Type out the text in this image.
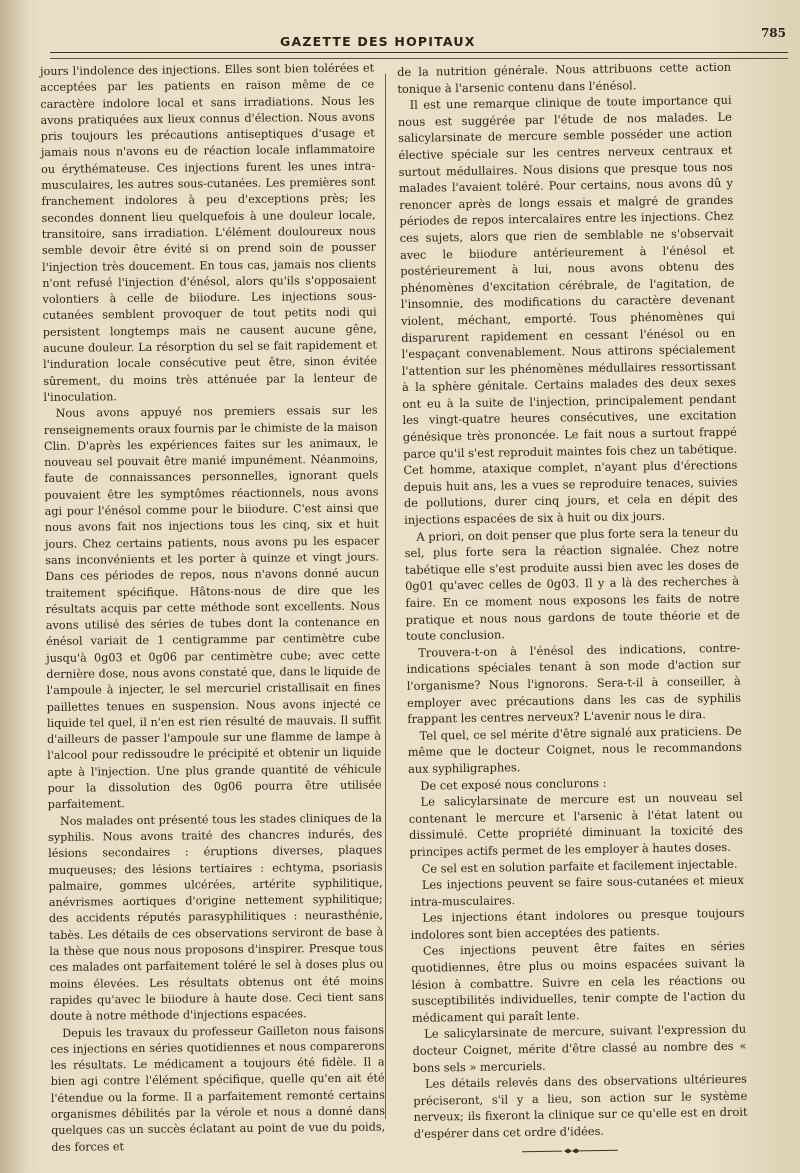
GAZETTE DES HOPITAUX
785

jours l'indolence des injections. Elles sont bien tolérées et acceptées par les patients en raison même de ce caractère indolore local et sans irradiations. Nous les avons pratiquées aux lieux connus d'élection. Nous avons pris toujours les précautions antiseptiques d'usage et jamais nous n'avons eu de réaction locale inflammatoire ou érythémateuse. Ces injections furent les unes intra-musculaires, les autres sous-cutanées. Les premières sont franchement indolores à peu d'exceptions près; les secondes donnent lieu quelquefois à une douleur locale, transitoire, sans irradiation. L'élément douloureux nous semble devoir être évité si on prend soin de pousser l'injection très doucement. En tous cas, jamais nos clients n'ont refusé l'injection d'énésol, alors qu'ils s'opposaient volontiers à celle de biiodure. Les injections sous-cutanées semblent provoquer de tout petits nodi qui persistent longtemps mais ne causent aucune gêne, aucune douleur. La résorption du sel se fait rapidement et l'induration locale consécutive peut être, sinon évitée sûrement, du moins très atténuée par la lenteur de l'inoculation.

Nous avons appuyé nos premiers essais sur les renseignements oraux fournis par le chimiste de la maison Clin. D'après les expériences faites sur les animaux, le nouveau sel pouvait être manié impunément. Néanmoins, faute de connaissances personnelles, ignorant quels pouvaient être les symptômes réactionnels, nous avons agi pour l'énésol comme pour le biiodure. C'est ainsi que nous avons fait nos injections tous les cinq, six et huit jours. Chez certains patients, nous avons pu les espacer sans inconvénients et les porter à quinze et vingt jours. Dans ces périodes de repos, nous n'avons donné aucun traitement spécifique. Hâtons-nous de dire que les résultats acquis par cette méthode sont excellents. Nous avons utilisé des séries de tubes dont la contenance en énésol variait de 1 centigramme par centimètre cube jusqu'à 0g03 et 0g06 par centimètre cube; avec cette dernière dose, nous avons constaté que, dans le liquide de l'ampoule à injecter, le sel mercuriel cristallisait en fines paillettes tenues en suspension. Nous avons injecté ce liquide tel quel, il n'en est rien résulté de mauvais. Il suffit d'ailleurs de passer l'ampoule sur une flamme de lampe à l'alcool pour redissoudre le précipité et obtenir un liquide apte à l'injection. Une plus grande quantité de véhicule pour la dissolution des 0g06 pourra être utilisée parfaitement.

Nos malades ont présenté tous les stades cliniques de la syphilis. Nous avons traité des chancres indurés, des lésions secondaires : éruptions diverses, plaques muqueuses; des lésions tertiaires : echtyma, psoriasis palmaire, gommes ulcérées, artérite syphilitique, anévrismes aortiques d'origine nettement syphilitique; des accidents réputés parasyphilitiques : neurasthénie, tabès. Les détails de ces observations serviront de base à la thèse que nous nous proposons d'inspirer. Presque tous ces malades ont parfaitement toléré le sel à doses plus ou moins élevées. Les résultats obtenus ont été moins rapides qu'avec le biiodure à haute dose. Ceci tient sans doute à notre méthode d'injections espacées.

Depuis les travaux du professeur Gailleton nous faisons ces injections en séries quotidiennes et nous comparerons les résultats. Le médicament a toujours été fidèle. Il a bien agi contre l'élément spécifique, quelle qu'en ait été l'étendue ou la forme. Il a parfaitement remonté certains organismes débilités par la vérole et nous a donné dans quelques cas un succès éclatant au point de vue du poids, des forces et

de la nutrition générale. Nous attribuons cette action tonique à l'arsenic contenu dans l'énésol.

Il est une remarque clinique de toute importance qui nous est suggérée par l'étude de nos malades. Le salicylarsinate de mercure semble posséder une action élective spéciale sur les centres nerveux centraux et surtout médullaires. Nous disions que presque tous nos malades l'avaient toléré. Pour certains, nous avons dû y renoncer après de longs essais et malgré de grandes périodes de repos intercalaires entre les injections. Chez ces sujets, alors que rien de semblable ne s'observait avec le biiodure antérieurement à l'énésol et postérieurement à lui, nous avons obtenu des phénomènes d'excitation cérébrale, de l'agitation, de l'insomnie, des modifications du caractère devenant violent, méchant, emporté. Tous phénomènes qui disparurent rapidement en cessant l'énésol ou en l'espaçant convenablement. Nous attirons spécialement l'attention sur les phénomènes médullaires ressortissant à la sphère génitale. Certains malades des deux sexes ont eu à la suite de l'injection, principalement pendant les vingt-quatre heures consécutives, une excitation génésique très prononcée. Le fait nous a surtout frappé parce qu'il s'est reproduit maintes fois chez un tabétique. Cet homme, ataxique complet, n'ayant plus d'érections depuis huit ans, les a vues se reproduire tenaces, suivies de pollutions, durer cinq jours, et cela en dépit des injections espacées de six à huit ou dix jours.

A priori, on doit penser que plus forte sera la teneur du sel, plus forte sera la réaction signalée. Chez notre tabétique elle s'est produite aussi bien avec les doses de 0g01 qu'avec celles de 0g03. Il y a là des recherches à faire. En ce moment nous exposons les faits de notre pratique et nous nous gardons de toute théorie et de toute conclusion.

Trouvera-t-on à l'énésol des indications, contre-indications spéciales tenant à son mode d'action sur l'organisme? Nous l'ignorons. Sera-t-il à conseiller, à employer avec précautions dans les cas de syphilis frappant les centres nerveux? L'avenir nous le dira.

Tel quel, ce sel mérite d'être signalé aux praticiens. De même que le docteur Coignet, nous le recommandons aux syphiligraphes.

De cet exposé nous conclurons :

Le salicylarsinate de mercure est un nouveau sel contenant le mercure et l'arsenic à l'état latent ou dissimulé. Cette propriété diminuant la toxicité des principes actifs permet de les employer à hautes doses.

Ce sel est en solution parfaite et facilement injectable.

Les injections peuvent se faire sous-cutanées et mieux intra-musculaires.

Les injections étant indolores ou presque toujours indolores sont bien acceptées des patients.

Ces injections peuvent être faites en séries quotidiennes, être plus ou moins espacées suivant la lésion à combattre. Suivre en cela les réactions ou susceptibilités individuelles, tenir compte de l'action du médicament qui paraît lente.

Le salicylarsinate de mercure, suivant l'expression du docteur Coignet, mérite d'être classé au nombre des « bons sels » mercuriels.

Les détails relevés dans des observations ultérieures préciseront, s'il y a lieu, son action sur le système nerveux; ils fixeront la clinique sur ce qu'elle est en droit d'espérer dans cet ordre d'idées.
